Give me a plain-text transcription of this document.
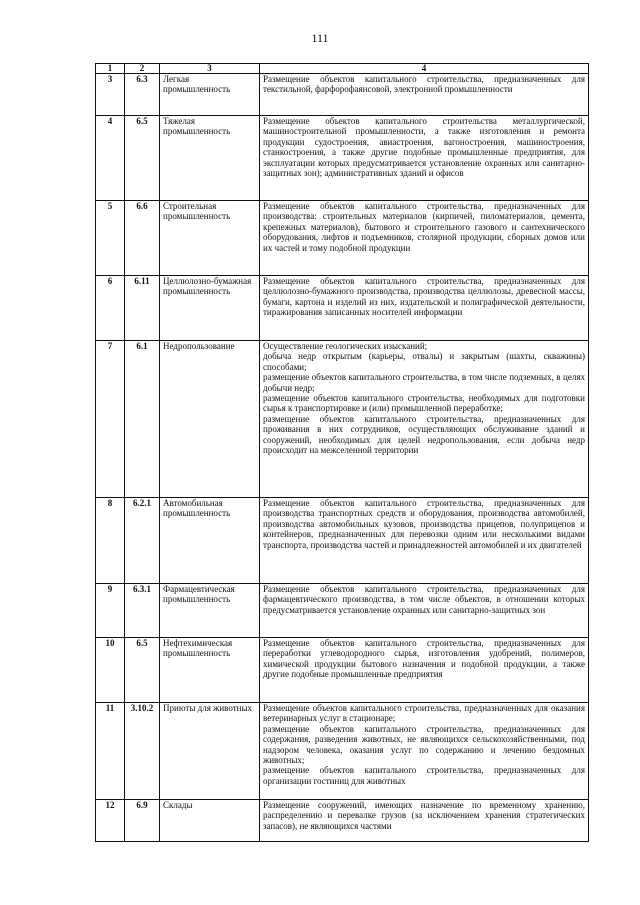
111
1	2	3	4
3	6.3	Легкая промышленность	Размещение объектов капитального строительства, предназначенных для текстильной, фарфорофаянсовой, электронной промышленности

4	6.5	Тяжелая промышленность	Размещение объектов капитального строительства металлургической, машиностроительной промышленности, а также изготовления и ремонта продукции судостроения, авиастроения, вагоностроения, машиностроения, станкостроения, а также другие подобные промышленные предприятия, для эксплуатации которых предусматривается установление охранных или санитарно-защитных зон); административных зданий и офисов

5	6.6	Строительная промышленность	Размещение объектов капитального строительства, предназначенных для производства: строительных материалов (кирпичей, пиломатериалов, цемента, крепежных материалов), бытового и строительного газового и сантехнического оборудования, лифтов и подъемников, столярной продукции, сборных домов или их частей и тому подобной продукции

6	6.11	Целлюлозно-бумажная промышленность	Размещение объектов капитального строительства, предназначенных для целлюлозно-бумажного производства, производства целлюлозы, древесной массы, бумаги, картона и изделий из них, издательской и полиграфической деятельности, тиражирования записанных носителей информации

7	6.1	Недропользование	Осуществление геологических изысканий;
добыча недр открытым (карьеры, отвалы) и закрытым (шахты, скважины) способами;
размещение объектов капитального строительства, в том числе подземных, в целях добычи недр;
размещение объектов капитального строительства, необходимых для подготовки сырья к транспортировке и (или) промышленной переработке;
размещение объектов капитального строительства, предназначенных для проживания в них сотрудников, осуществляющих обслуживание зданий и сооружений, необходимых для целей недропользования, если добыча недр происходит на межселенной территории

8	6.2.1	Автомобильная промышленность	Размещение объектов капитального строительства, предназначенных для производства транспортных средств и оборудования, производства автомобилей, производства автомобильных кузовов, производства прицепов, полуприцепов и контейнеров, предназначенных для перевозки одним или несколькими видами транспорта, производства частей и принадлежностей автомобилей и их двигателей

9	6.3.1	Фармацевтическая промышленность	Размещение объектов капитального строительства, предназначенных для фармацевтического производства, в том числе объектов, в отношении которых предусматривается установление охранных или санитарно-защитных зон

10	6.5	Нефтехимическая промышленность	Размещение объектов капитального строительства, предназначенных для переработки углеводородного сырья, изготовления удобрений, полимеров, химической продукции бытового назначения и подобной продукции, а также другие подобные промышленные предприятия

11	3.10.2	Приюты для животных	Размещение объектов капитального строительства, предназначенных для оказания ветеринарных услуг в стационаре;
размещение объектов капитального строительства, предназначенных для содержания, разведения животных, не являющихся сельскохозяйственными, под надзором человека, оказания услуг по содержанию и лечению бездомных животных;
размещение объектов капитального строительства, предназначенных для организации гостиниц для животных

12	6.9	Склады	Размещение сооружений, имеющих назначение по временному хранению, распределению и перевалке грузов (за исключением хранения стратегических запасов), не являющихся частями
